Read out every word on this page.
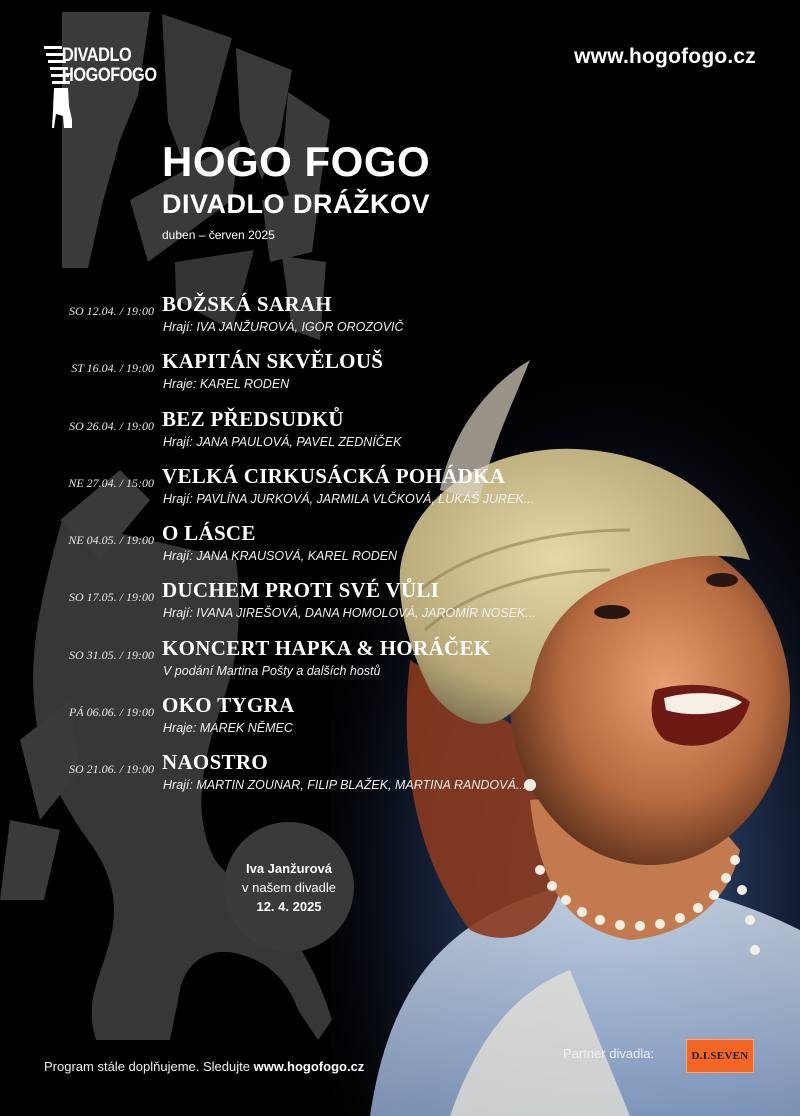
DIVADLO
HOGOFOGO
www.hogofogo.cz
HOGO FOGO
DIVADLO DRÁŽKOV
duben – červen 2025
SO 12.04. / 19:00 BOŽSKÁ SARAH
Hrají: IVA JANŽUROVÁ, IGOR OROZOVIČ
ST 16.04. / 19:00 KAPITÁN SKVĚLOUŠ
Hraje: KAREL RODEN
SO 26.04. / 19:00 BEZ PŘEDSUDKŮ
Hrají: JANA PAULOVÁ, PAVEL ZEDNÍČEK
NE 27.04. / 15:00 VELKÁ CIRKUSÁCKÁ POHÁDKA
Hrají: PAVLÍNA JURKOVÁ, JARMILA VLČKOVÁ, LUKÁŠ JUREK...
NE 04.05. / 19:00 O LÁSCE
Hrají: JANA KRAUSOVÁ, KAREL RODEN
SO 17.05. / 19:00 DUCHEM PROTI SVÉ VŮLI
Hrají: IVANA JIREŠOVÁ, DANA HOMOLOVÁ, JAROMÍR NOSEK...
SO 31.05. / 19:00 KONCERT HAPKA & HORÁČEK
V podání Martina Pošty a dalších hostů
PÁ 06.06. / 19:00 OKO TYGRA
Hraje: MAREK NĚMEC
SO 21.06. / 19:00 NAOSTRO
Hrají: MARTIN ZOUNAR, FILIP BLAŽEK, MARTINA RANDOVÁ...
Iva Janžurová
v našem divadle
12. 4. 2025
Program stále doplňujeme. Sledujte www.hogofogo.cz
Partner divadla:	D.I.SEVEN
